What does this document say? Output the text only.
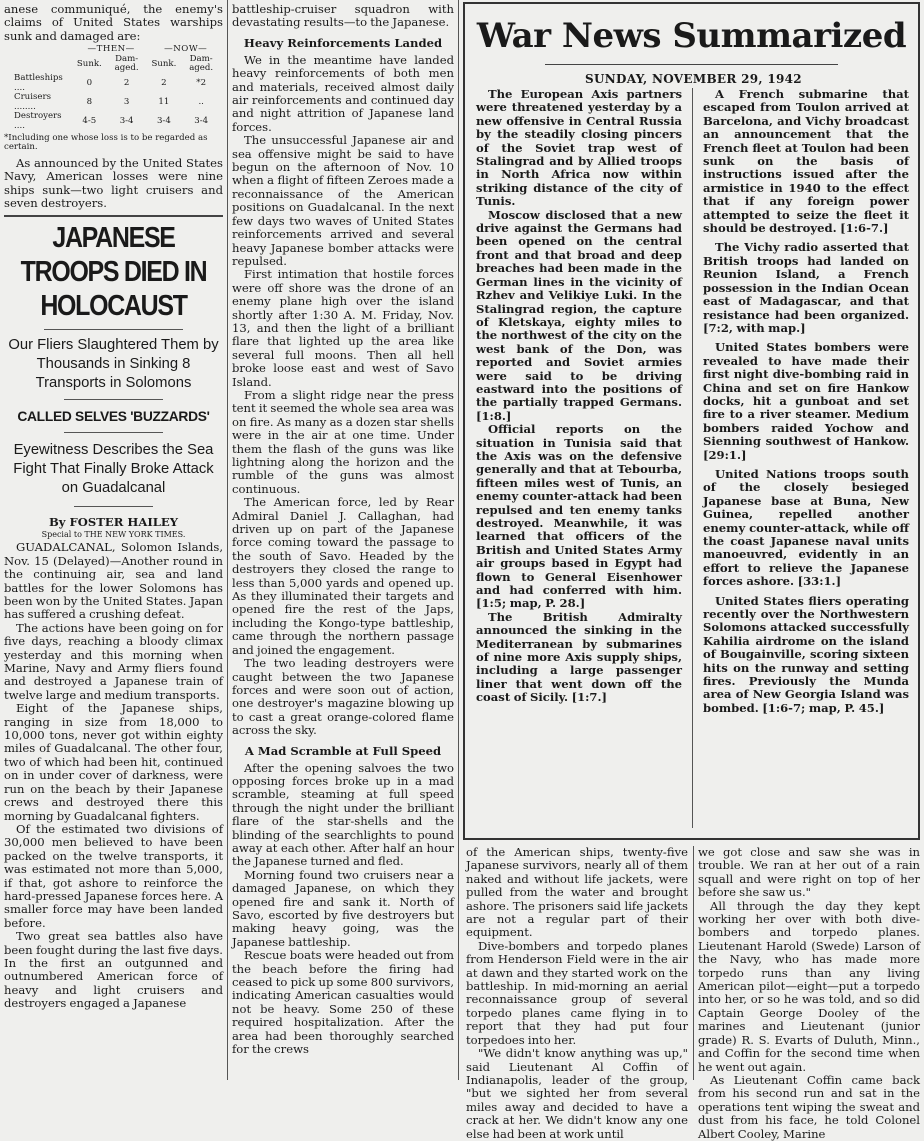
anese communiqué, the enemy's claims of United States warships sunk and damaged are:

	—THEN—		—NOW—	
	Sunk.	Dam-aged.	Sunk.	Dam-aged.
Battleships ....	0	2	2	*2
Cruisers ........	8	3	11	..
Destroyers ....	4-5	3-4	3-4	3-4

*Including one whose loss is to be regarded as certain.

As announced by the United States Navy, American losses were nine ships sunk—two light cruisers and seven destroyers.

JAPANESE TROOPS DIED IN HOLOCAUST
Our Fliers Slaughtered Them by Thousands in Sinking 8 Transports in Solomons
CALLED SELVES 'BUZZARDS'
Eyewitness Describes the Sea Fight That Finally Broke Attack on Guadalcanal
By FOSTER HAILEY
Special to THE NEW YORK TIMES.

GUADALCANAL, Solomon Islands, Nov. 15 (Delayed)—Another round in the continuing air, sea and land battles for the lower Solomons has been won by the United States. Japan has suffered a crushing defeat.

The actions have been going on for five days, reaching a bloody climax yesterday and this morning when Marine, Navy and Army fliers found and destroyed a Japanese train of twelve large and medium transports.

Eight of the Japanese ships, ranging in size from 18,000 to 10,000 tons, never got within eighty miles of Guadalcanal. The other four, two of which had been hit, continued on in under cover of darkness, were run on the beach by their Japanese crews and destroyed there this morning by Guadalcanal fighters.

Of the estimated two divisions of 30,000 men believed to have been packed on the twelve transports, it was estimated not more than 5,000, if that, got ashore to reinforce the hard-pressed Japanese forces here. A smaller force may have been landed before.

Two great sea battles also have been fought during the last five days. In the first an outgunned and outnumbered American force of heavy and light cruisers and destroyers engaged a Japanese

battleship-cruiser squadron with devastating results—to the Japanese.

Heavy Reinforcements Landed

We in the meantime have landed heavy reinforcements of both men and materials, received almost daily air reinforcements and continued day and night attrition of Japanese land forces.

The unsuccessful Japanese air and sea offensive might be said to have begun on the afternoon of Nov. 10 when a flight of fifteen Zeroes made a reconnaissance of the American positions on Guadalcanal. In the next few days two waves of United States reinforcements arrived and several heavy Japanese bomber attacks were repulsed.

First intimation that hostile forces were off shore was the drone of an enemy plane high over the island shortly after 1:30 A. M. Friday, Nov. 13, and then the light of a brilliant flare that lighted up the area like several full moons. Then all hell broke loose east and west of Savo Island.

From a slight ridge near the press tent it seemed the whole sea area was on fire. As many as a dozen star shells were in the air at one time. Under them the flash of the guns was like lightning along the horizon and the rumble of the guns was almost continuous.

The American force, led by Rear Admiral Daniel J. Callaghan, had driven up on part of the Japanese force coming toward the passage to the south of Savo. Headed by the destroyers they closed the range to less than 5,000 yards and opened up. As they illuminated their targets and opened fire the rest of the Japs, including the Kongo-type battleship, came through the northern passage and joined the engagement.

The two leading destroyers were caught between the two Japanese forces and were soon out of action, one destroyer's magazine blowing up to cast a great orange-colored flame across the sky.

A Mad Scramble at Full Speed

After the opening salvoes the two opposing forces broke up in a mad scramble, steaming at full speed through the night under the brilliant flare of the star-shells and the blinding of the searchlights to pound away at each other. After half an hour the Japanese turned and fled.

Morning found two cruisers near a damaged Japanese, on which they opened fire and sank it. North of Savo, escorted by five destroyers but making heavy going, was the Japanese battleship.

Rescue boats were headed out from the beach before the firing had ceased to pick up some 800 survivors, indicating American casualties would not be heavy. Some 250 of these required hospitalization. After the area had been thoroughly searched for the crews

War News Summarized
SUNDAY, NOVEMBER 29, 1942

The European Axis partners were threatened yesterday by a new offensive in Central Russia by the steadily closing pincers of the Soviet trap west of Stalingrad and by Allied troops in North Africa now within striking distance of the city of Tunis.

Moscow disclosed that a new drive against the Germans had been opened on the central front and that broad and deep breaches had been made in the German lines in the vicinity of Rzhev and Velikiye Luki. In the Stalingrad region, the capture of Kletskaya, eighty miles to the northwest of the city on the west bank of the Don, was reported and Soviet armies were said to be driving eastward into the positions of the partially trapped Germans. [1:8.]

Official reports on the situation in Tunisia said that the Axis was on the defensive generally and that at Tebourba, fifteen miles west of Tunis, an enemy counter-attack had been repulsed and ten enemy tanks destroyed. Meanwhile, it was learned that officers of the British and United States Army air groups based in Egypt had flown to General Eisenhower and had conferred with him. [1:5; map, P. 28.]

The British Admiralty announced the sinking in the Mediterranean by submarines of nine more Axis supply ships, including a large passenger liner that went down off the coast of Sicily. [1:7.]

A French submarine that escaped from Toulon arrived at Barcelona, and Vichy broadcast an announcement that the French fleet at Toulon had been sunk on the basis of instructions issued after the armistice in 1940 to the effect that if any foreign power attempted to seize the fleet it should be destroyed. [1:6-7.]

The Vichy radio asserted that British troops had landed on Reunion Island, a French possession in the Indian Ocean east of Madagascar, and that resistance had been organized. [7:2, with map.]

United States bombers were revealed to have made their first night dive-bombing raid in China and set on fire Hankow docks, hit a gunboat and set fire to a river steamer. Medium bombers raided Yochow and Sienning southwest of Hankow. [29:1.]

United Nations troops south of the closely besieged Japanese base at Buna, New Guinea, repelled another enemy counter-attack, while off the coast Japanese naval units manoeuvred, evidently in an effort to relieve the Japanese forces ashore. [33:1.]

United States fliers operating recently over the Northwestern Solomons attacked successfully Kahilia airdrome on the island of Bougainville, scoring sixteen hits on the runway and setting fires. Previously the Munda area of New Georgia Island was bombed. [1:6-7; map, P. 45.]

of the American ships, twenty-five Japanese survivors, nearly all of them naked and without life jackets, were pulled from the water and brought ashore. The prisoners said life jackets are not a regular part of their equipment.

Dive-bombers and torpedo planes from Henderson Field were in the air at dawn and they started work on the battleship. In mid-morning an aerial reconnaissance group of several torpedo planes came flying in to report that they had put four torpedoes into her.

"We didn't know anything was up," said Lieutenant Al Coffin of Indianapolis, leader of the group, "but we sighted her from several miles away and decided to have a crack at her. We didn't know any one else had been at work until

we got close and saw she was in trouble. We ran at her out of a rain squall and were right on top of her before she saw us."

All through the day they kept working her over with both dive-bombers and torpedo planes. Lieutenant Harold (Swede) Larson of the Navy, who has made more torpedo runs than any living American pilot—eight—put a torpedo into her, or so he was told, and so did Captain George Dooley of the marines and Lieutenant (junior grade) R. S. Evarts of Duluth, Minn., and Coffin for the second time when he went out again.

As Lieutenant Coffin came back from his second run and sat in the operations tent wiping the sweat and dust from his face, he told Colonel Albert Cooley, Marine
